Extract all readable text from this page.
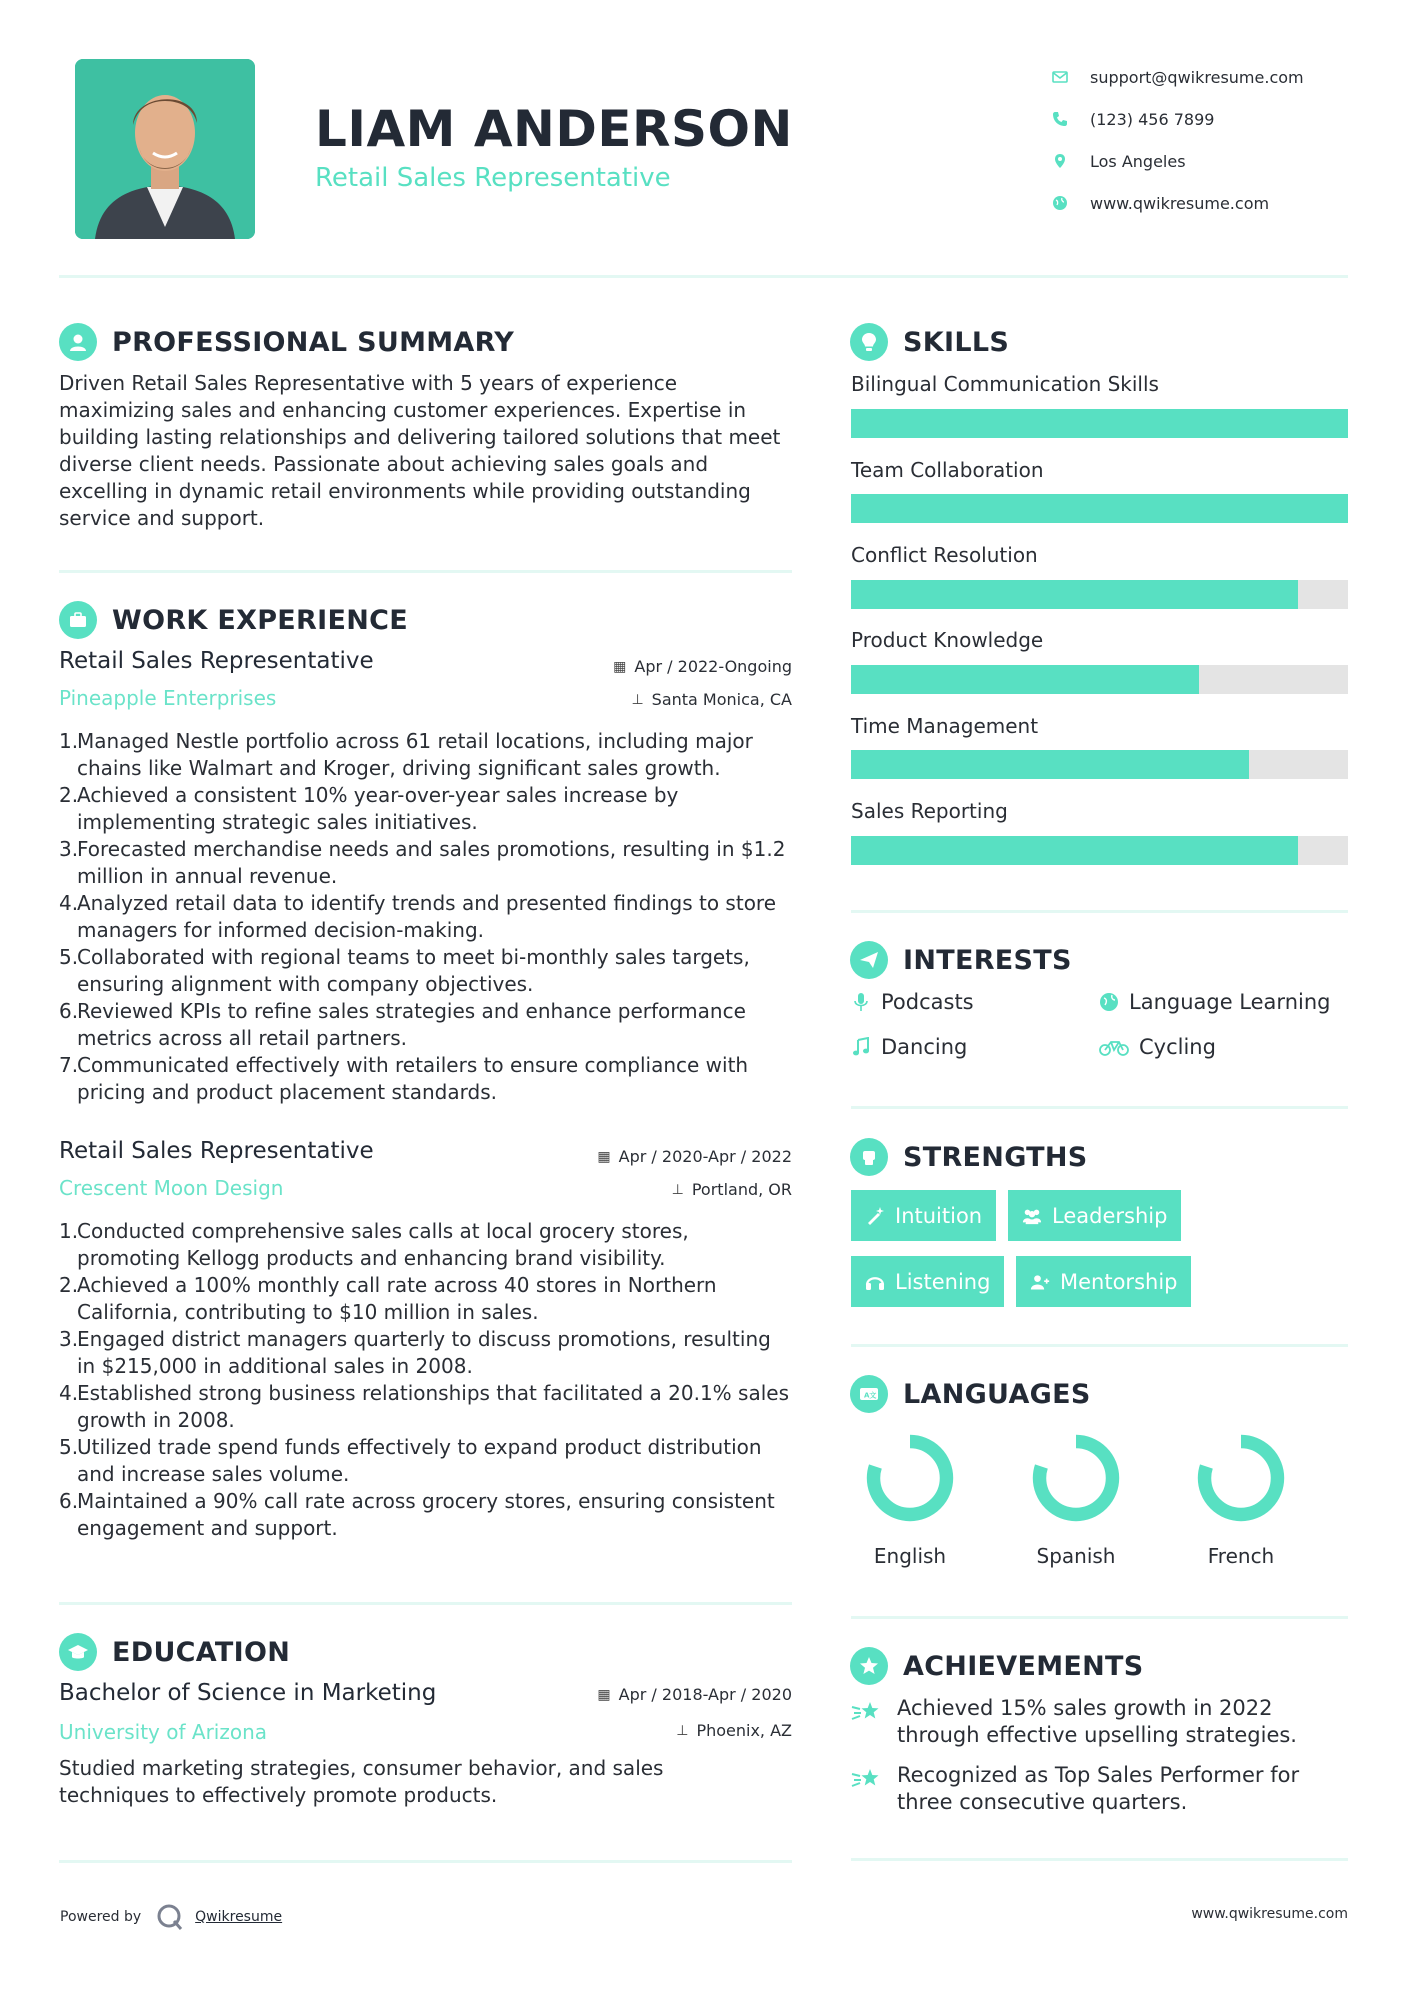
LIAM ANDERSON
Retail Sales Representative
support@qwikresume.com
(123) 456 7899
Los Angeles
www.qwikresume.com
PROFESSIONAL SUMMARY

Driven Retail Sales Representative with 5 years of experience maximizing sales and enhancing customer experiences. Expertise in building lasting relationships and delivering tailored solutions that meet diverse client needs. Passionate about achieving sales goals and excelling in dynamic retail environments while providing outstanding service and support.

WORK EXPERIENCE
Retail Sales Representative	▦ Apr / 2022-Ongoing
Pineapple Enterprises	⊥ Santa Monica, CA
1.
Managed Nestle portfolio across 61 retail locations, including major chains like Walmart and Kroger, driving significant sales growth.
2.
Achieved a consistent 10% year-over-year sales increase by implementing strategic sales initiatives.
3.
Forecasted merchandise needs and sales promotions, resulting in $1.2 million in annual revenue.
4.
Analyzed retail data to identify trends and presented findings to store managers for informed decision-making.
5.
Collaborated with regional teams to meet bi-monthly sales targets, ensuring alignment with company objectives.
6.
Reviewed KPIs to refine sales strategies and enhance performance metrics across all retail partners.
7.
Communicated effectively with retailers to ensure compliance with pricing and product placement standards.
Retail Sales Representative	▦ Apr / 2020-Apr / 2022
Crescent Moon Design	⊥ Portland, OR
1.
Conducted comprehensive sales calls at local grocery stores, promoting Kellogg products and enhancing brand visibility.
2.
Achieved a 100% monthly call rate across 40 stores in Northern California, contributing to $10 million in sales.
3.
Engaged district managers quarterly to discuss promotions, resulting in $215,000 in additional sales in 2008.
4.
Established strong business relationships that facilitated a 20.1% sales growth in 2008.
5.
Utilized trade spend funds effectively to expand product distribution and increase sales volume.
6.
Maintained a 90% call rate across grocery stores, ensuring consistent engagement and support.
EDUCATION
Bachelor of Science in Marketing	▦ Apr / 2018-Apr / 2020
University of Arizona	⊥ Phoenix, AZ

Studied marketing strategies, consumer behavior, and sales techniques to effectively promote products.

SKILLS
Bilingual Communication Skills
Team Collaboration
Conflict Resolution
Product Knowledge
Time Management
Sales Reporting
INTERESTS
Podcasts	Language Learning
Dancing	Cycling
STRENGTHS
Intuition	Leadership
Listening	Mentorship
A文 LANGUAGES
English	Spanish	French
ACHIEVEMENTS
Achieved 15% sales growth in 2022 through effective upselling strategies.
Recognized as Top Sales Performer for three consecutive quarters.
Powered by	Qwikresume	www.qwikresume.com
